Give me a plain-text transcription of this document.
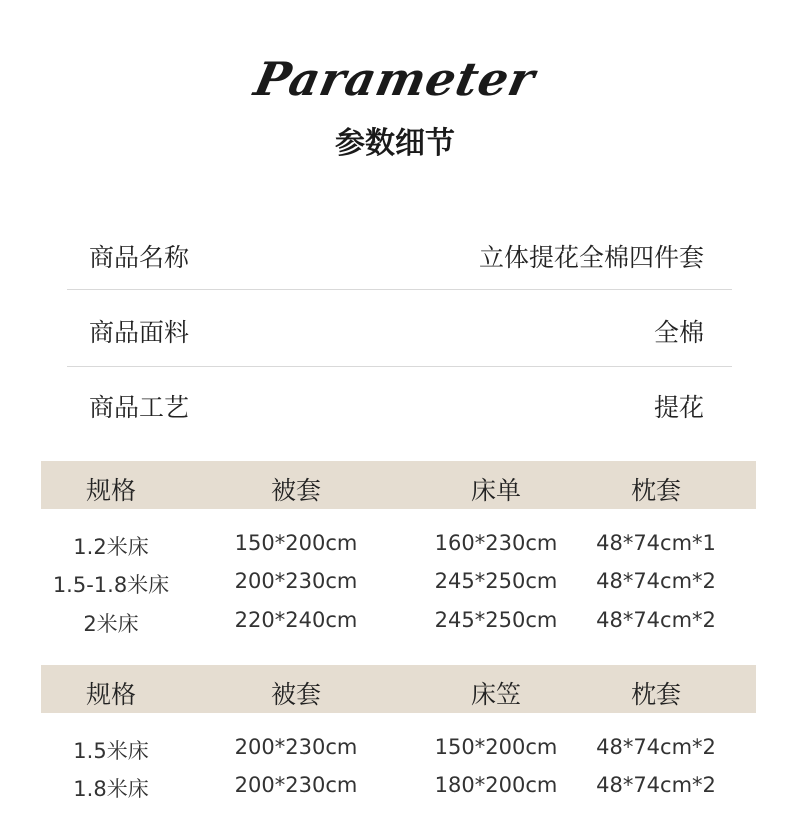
Parameter
参数细节
商品名称	立体提花全棉四件套
商品面料	全棉
商品工艺	提花
规格	被套	床单	枕套
1.2米床	150*200cm	160*230cm	48*74cm*1
1.5-1.8米床	200*230cm	245*250cm	48*74cm*2
2米床	220*240cm	245*250cm	48*74cm*2
规格	被套	床笠	枕套
1.5米床	200*230cm	150*200cm	48*74cm*2
1.8米床	200*230cm	180*200cm	48*74cm*2
